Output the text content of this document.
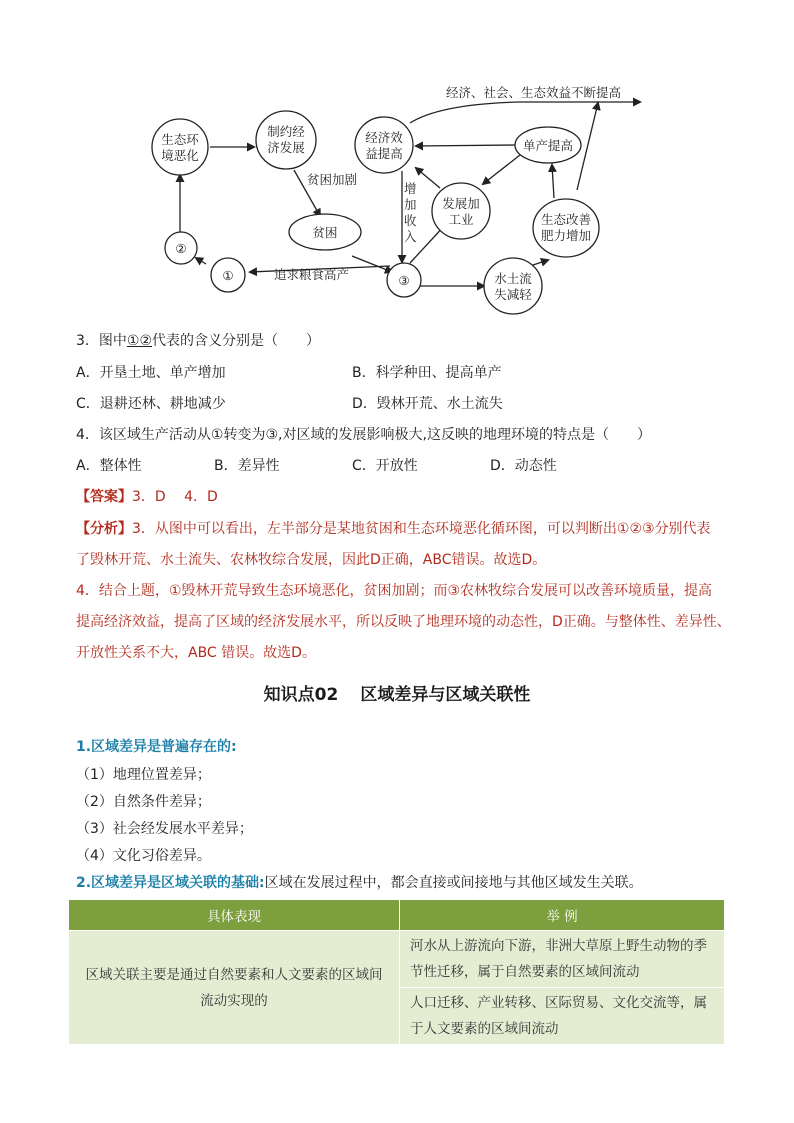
生态环
境恶化
制约经
济发展
贫困
②
①	③
经济效
益提高
单产提高
发展加
工业	生态改善
肥力增加
水土流
失减轻
经济、社会、生态效益不断提高
贫困加剧
追求粮食高产
增
加
收
入
3．图中①②代表的含义分别是（　　）
A．开垦土地、单产增加	B．科学种田、提高单产
C．退耕还林、耕地减少	D．毁林开荒、水土流失
4．该区域生产活动从①转变为③,对区域的发展影响极大,这反映的地理环境的特点是（　　）
A．整体性	B．差异性	C．开放性	D．动态性
【答案】3．D　 4．D
【分析】3．从图中可以看出，左半部分是某地贫困和生态环境恶化循环图，可以判断出①②③分别代表
了毁林开荒、水土流失、农林牧综合发展，因此D正确，ABC错误。故选D。
4．结合上题，①毁林开荒导致生态环境恶化，贫困加剧；而③农林牧综合发展可以改善环境质量，提高
提高经济效益，提高了区域的经济发展水平，所以反映了地理环境的动态性，D正确。与整体性、差异性、
开放性关系不大，ABC 错误。故选D。
知识点02 区域差异与区域关联性
1.区域差异是普遍存在的:
（1）地理位置差异；
（2）自然条件差异；
（3）社会经发展水平差异；
（4）文化习俗差异。
2.区域差异是区域关联的基础:区域在发展过程中，都会直接或间接地与其他区域发生关联。
具体表现	举 例
区域关联主要是通过自然要素和人文要素的区域间流动实现的	河水从上游流向下游，非洲大草原上野生动物的季节性迁移，属于自然要素的区域间流动
	人口迁移、产业转移、区际贸易、文化交流等，属于人文要素的区域间流动
